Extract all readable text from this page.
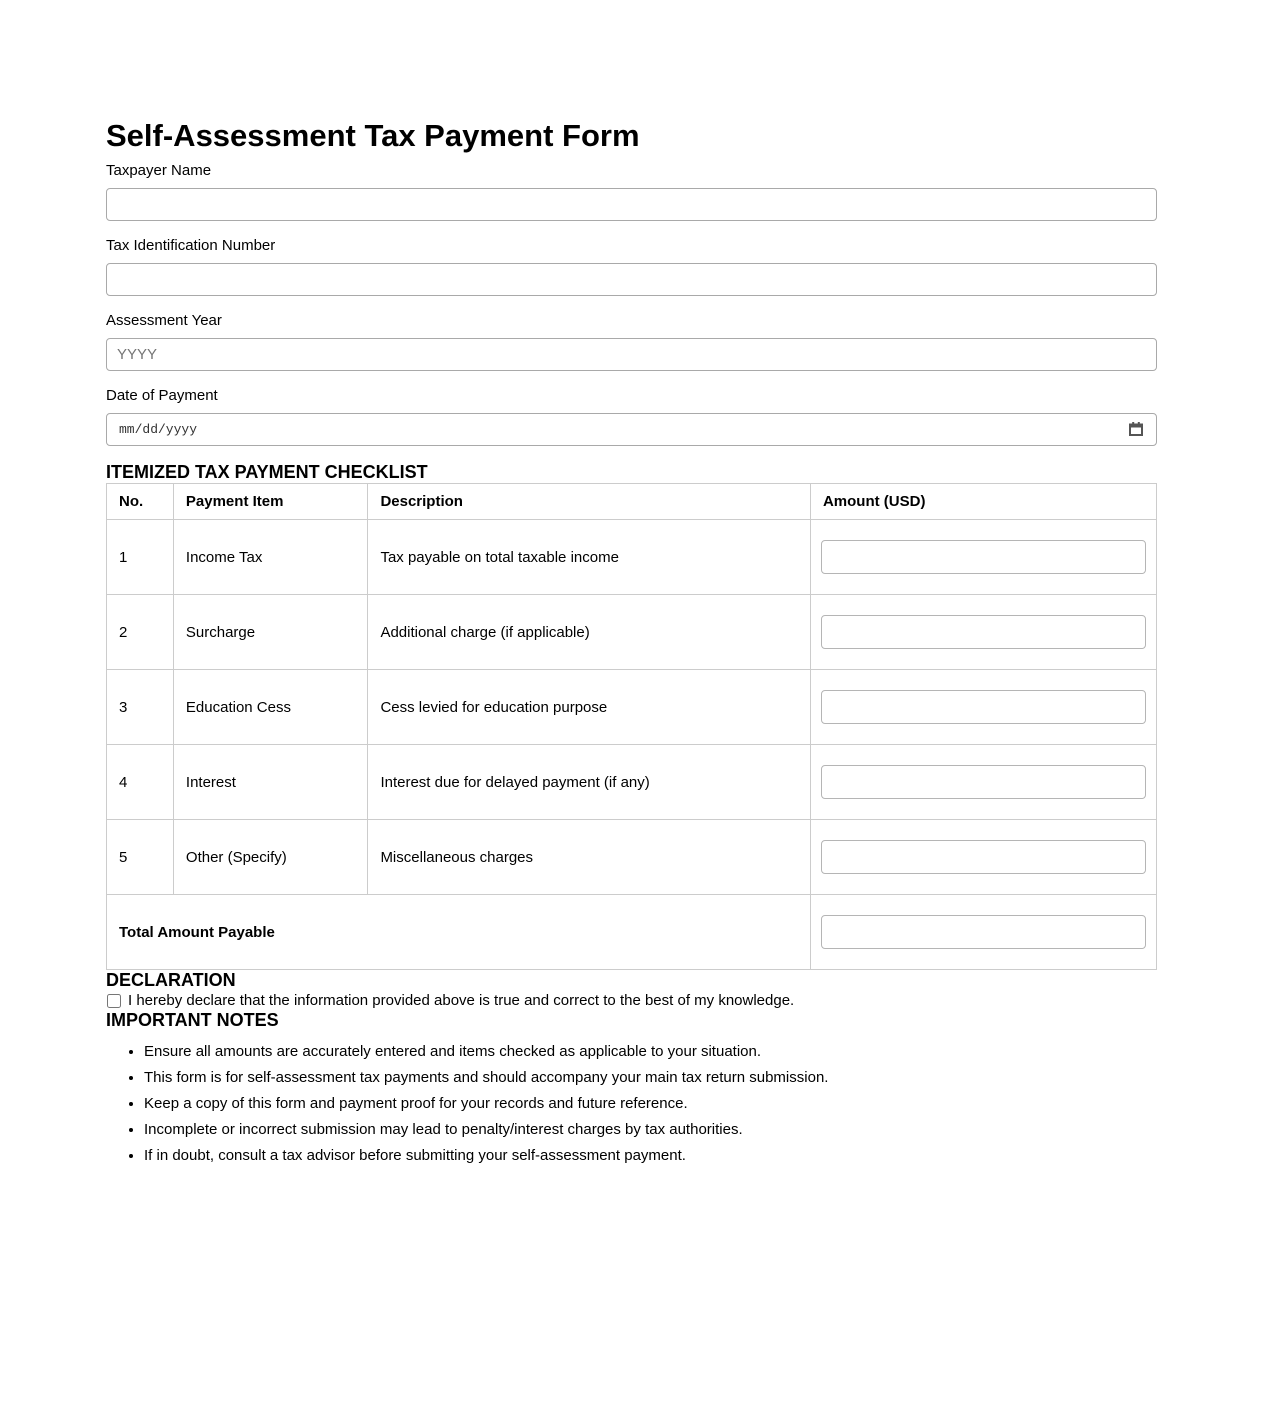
Self-Assessment Tax Payment Form
Taxpayer Name
Tax Identification Number
Assessment Year
YYYY
Date of Payment
mm/dd/yyyy
ITEMIZED TAX PAYMENT CHECKLIST
No.	Payment Item	Description	Amount (USD)
1	Income Tax	Tax payable on total taxable income	

2	Surcharge	Additional charge (if applicable)	

3	Education Cess	Cess levied for education purpose	

4	Interest	Interest due for delayed payment (if any)	

5	Other (Specify)	Miscellaneous charges	

Total Amount Payable	
DECLARATION
I hereby declare that the information provided above is true and correct to the best of my knowledge.
IMPORTANT NOTES
• Ensure all amounts are accurately entered and items checked as applicable to your situation.
• This form is for self-assessment tax payments and should accompany your main tax return submission.
• Keep a copy of this form and payment proof for your records and future reference.
• Incomplete or incorrect submission may lead to penalty/interest charges by tax authorities.
• If in doubt, consult a tax advisor before submitting your self-assessment payment.
